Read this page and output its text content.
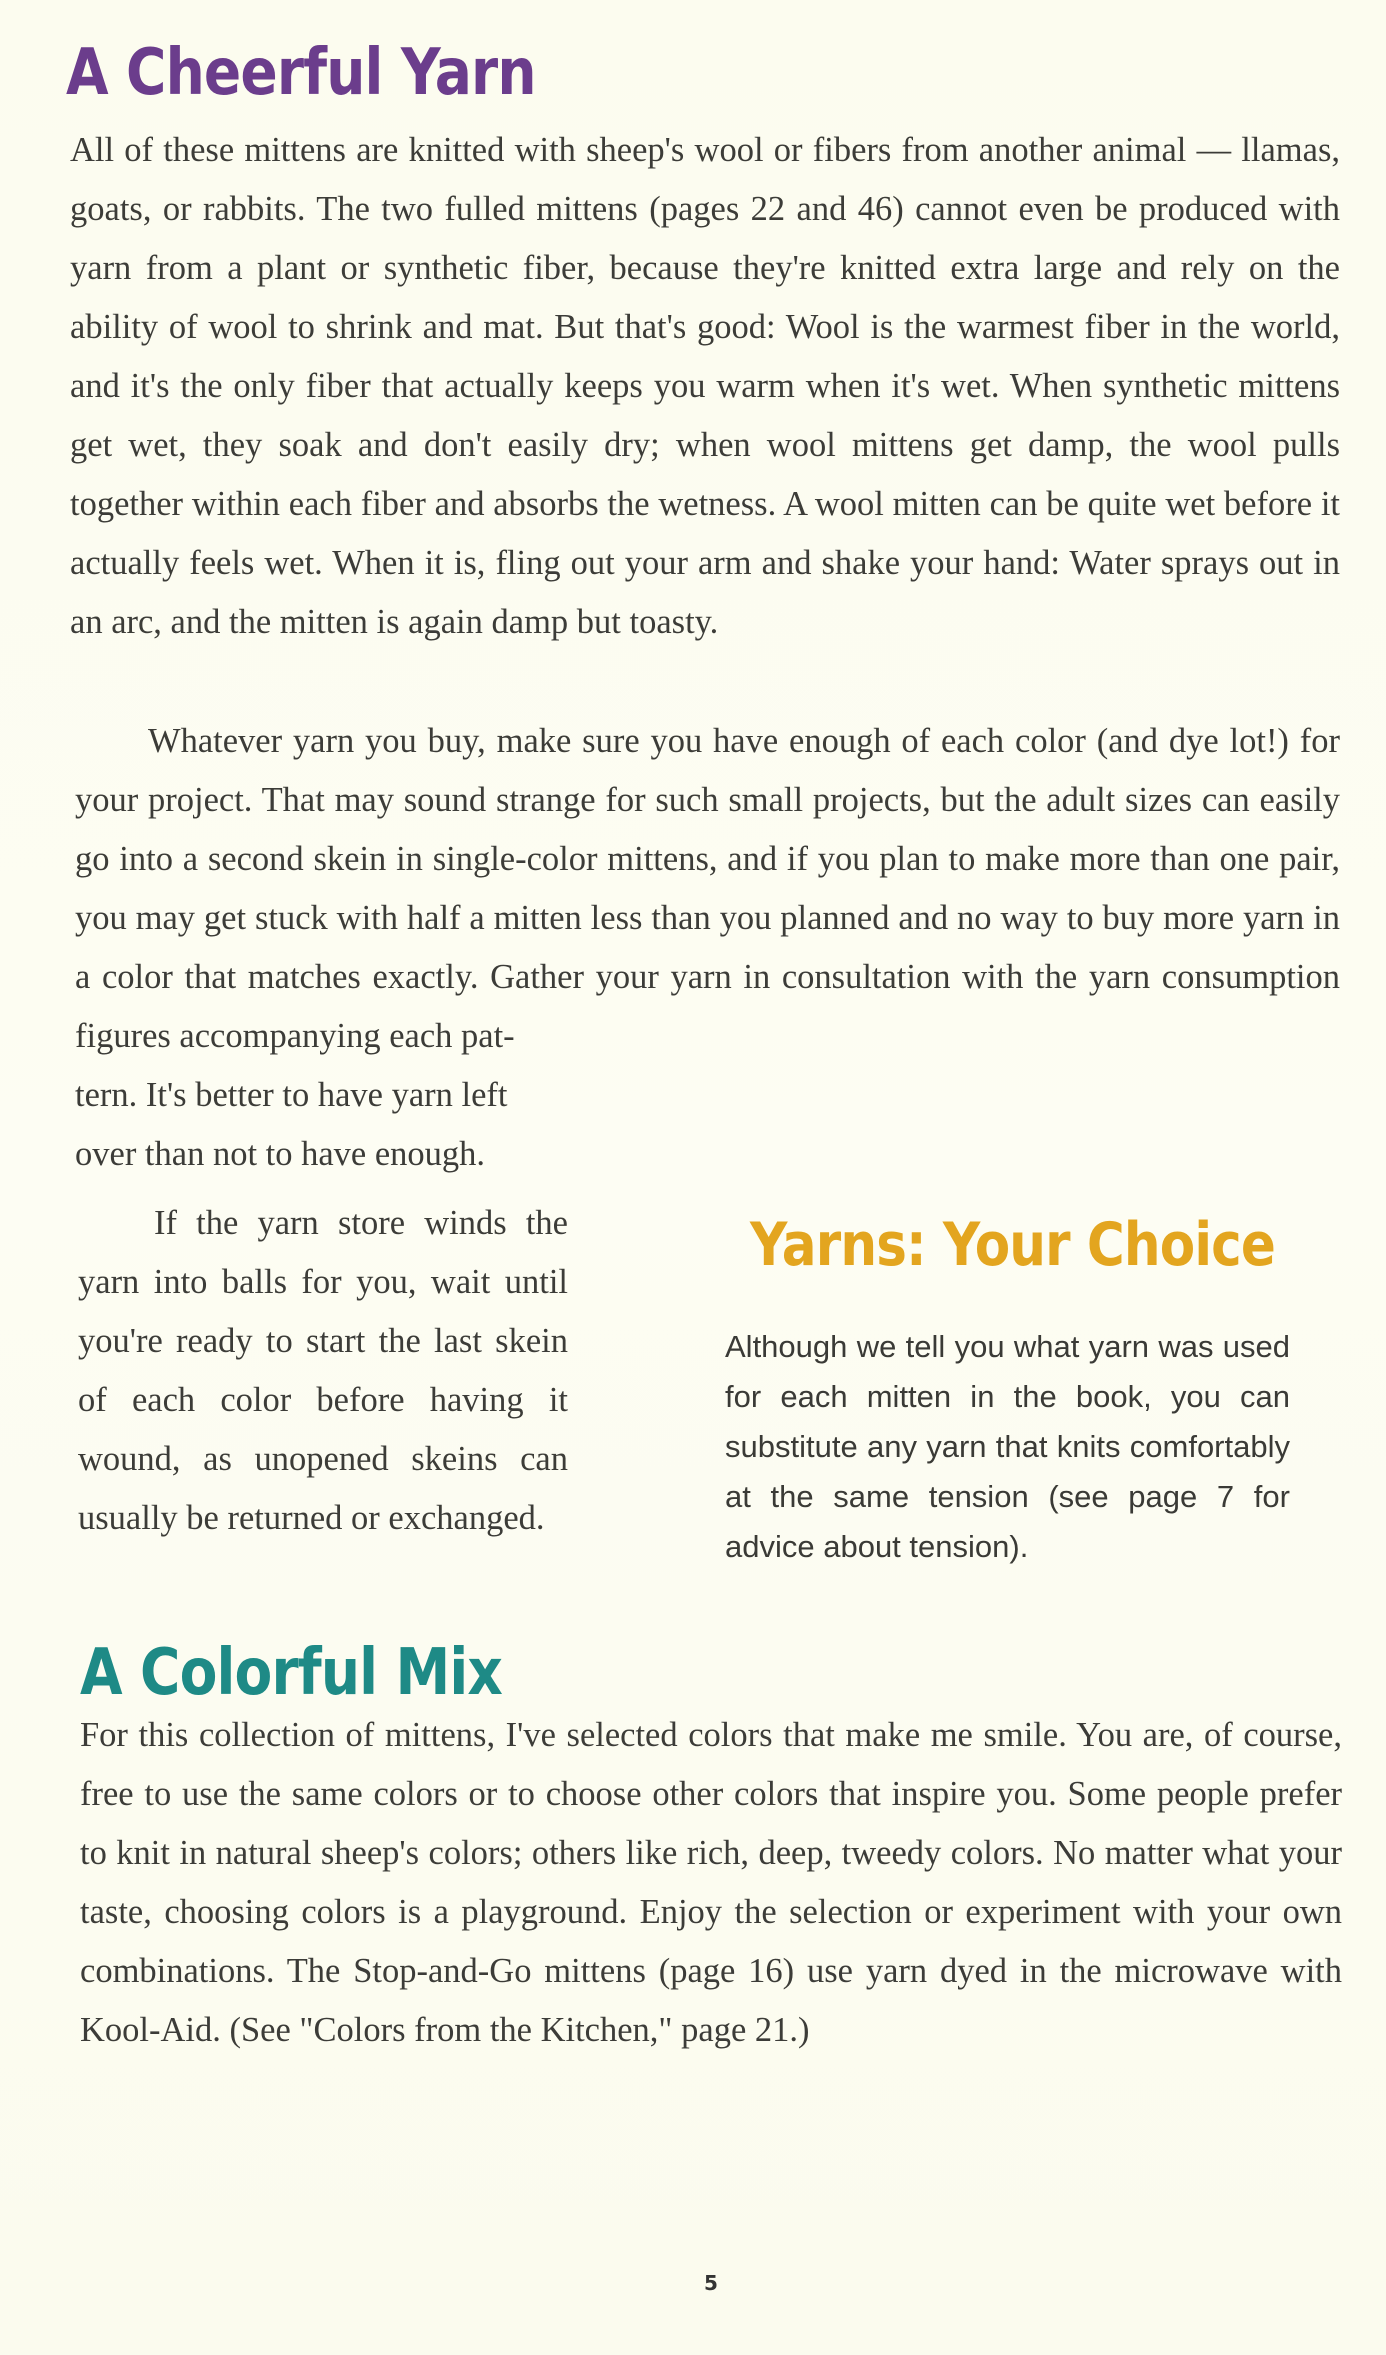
A Cheerful Yarn

All of these mittens are knitted with sheep's wool or fibers from another animal — llamas, goats, or rabbits. The two fulled mittens (pages 22 and 46) cannot even be produced with yarn from a plant or synthetic fiber, because they're knitted extra large and rely on the ability of wool to shrink and mat. But that's good: Wool is the warmest fiber in the world, and it's the only fiber that actually keeps you warm when it's wet. When synthetic mittens get wet, they soak and don't easily dry; when wool mittens get damp, the wool pulls together within each fiber and absorbs the wetness. A wool mitten can be quite wet before it actually feels wet. When it is, fling out your arm and shake your hand: Water sprays out in an arc, and the mitten is again damp but toasty.

Whatever yarn you buy, make sure you have enough of each color (and dye lot!) for your project. That may sound strange for such small projects, but the adult sizes can easily go into a second skein in single-color mittens, and if you plan to make more than one pair, you may get stuck with half a mitten less than you planned and no way to buy more yarn in a color that matches exactly. Gather your yarn in consultation with the yarn consumption figures accompanying each pat-

tern. It's better to have yarn left over than not to have enough.

If the yarn store winds the yarn into balls for you, wait until you're ready to start the last skein of each color before having it wound, as unopened skeins can usually be returned or exchanged.

Yarns: Your Choice

Although we tell you what yarn was used for each mitten in the book, you can substitute any yarn that knits comfortably at the same tension (see page 7 for advice about tension).

A Colorful Mix

For this collection of mittens, I've selected colors that make me smile. You are, of course, free to use the same colors or to choose other colors that inspire you. Some people prefer to knit in natural sheep's colors; others like rich, deep, tweedy colors. No matter what your taste, choosing colors is a playground. Enjoy the selection or experiment with your own combinations. The Stop-and-Go mittens (page 16) use yarn dyed in the microwave with Kool-Aid. (See "Colors from the Kitchen," page 21.)

5
